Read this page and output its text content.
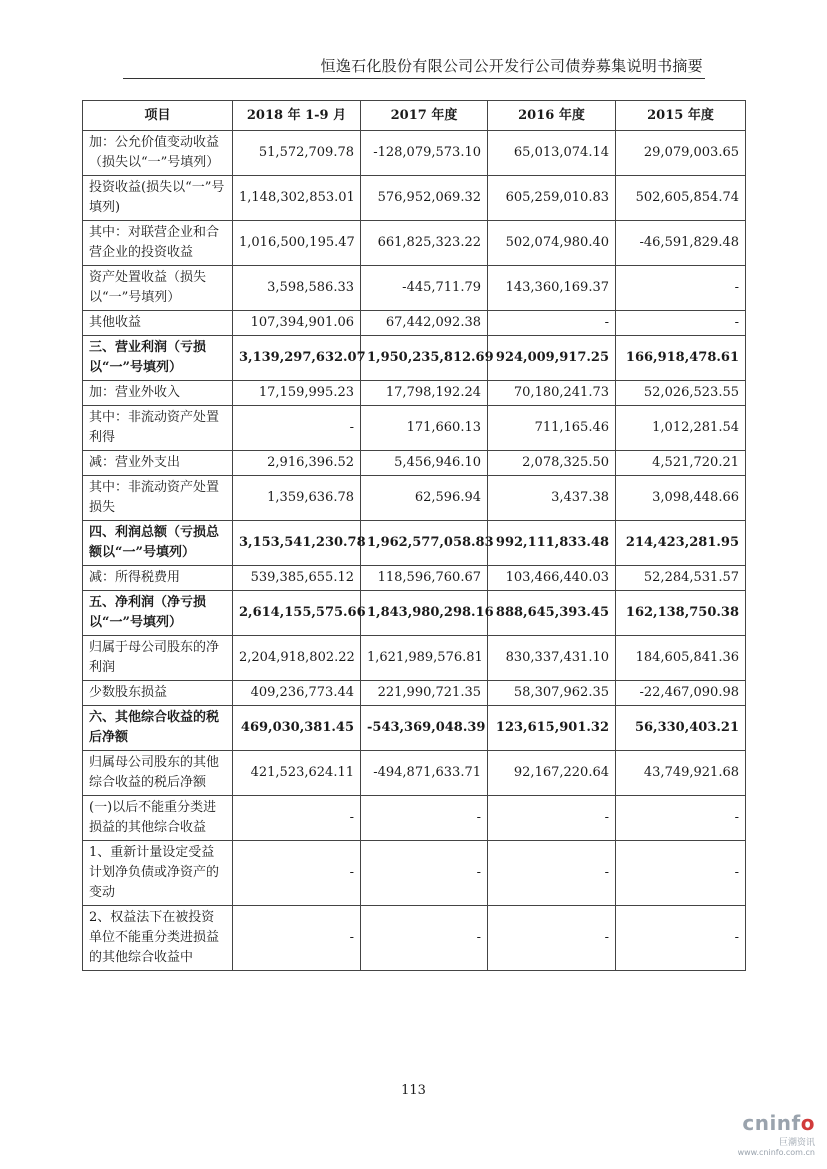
恒逸石化股份有限公司公开发行公司债券募集说明书摘要
项目	2018 年 1-9 月	2017 年度	2016 年度	2015 年度
加：公允价值变动收益（损失以“一”号填列）	51,572,709.78	-128,079,573.10	65,013,074.14	29,079,003.65
投资收益(损失以“一”号填列)	1,148,302,853.01	576,952,069.32	605,259,010.83	502,605,854.74
其中：对联营企业和合营企业的投资收益	1,016,500,195.47	661,825,323.22	502,074,980.40	-46,591,829.48
资产处置收益（损失以“一”号填列）	3,598,586.33	-445,711.79	143,360,169.37	-
其他收益	107,394,901.06	67,442,092.38	-	-
三、营业利润（亏损以“一”号填列）	3,139,297,632.07	1,950,235,812.69	924,009,917.25	166,918,478.61
加：营业外收入	17,159,995.23	17,798,192.24	70,180,241.73	52,026,523.55
其中：非流动资产处置利得	-	171,660.13	711,165.46	1,012,281.54
减：营业外支出	2,916,396.52	5,456,946.10	2,078,325.50	4,521,720.21
其中：非流动资产处置损失	1,359,636.78	62,596.94	3,437.38	3,098,448.66
四、利润总额（亏损总额以“一”号填列）	3,153,541,230.78	1,962,577,058.83	992,111,833.48	214,423,281.95
减：所得税费用	539,385,655.12	118,596,760.67	103,466,440.03	52,284,531.57
五、净利润（净亏损以“一”号填列）	2,614,155,575.66	1,843,980,298.16	888,645,393.45	162,138,750.38
归属于母公司股东的净利润	2,204,918,802.22	1,621,989,576.81	830,337,431.10	184,605,841.36
少数股东损益	409,236,773.44	221,990,721.35	58,307,962.35	-22,467,090.98
六、其他综合收益的税后净额	469,030,381.45	-543,369,048.39	123,615,901.32	56,330,403.21
归属母公司股东的其他综合收益的税后净额	421,523,624.11	-494,871,633.71	92,167,220.64	43,749,921.68
(一)以后不能重分类进损益的其他综合收益	-	-	-	-
1、重新计量设定受益计划净负债或净资产的变动	-	-	-	-
2、权益法下在被投资单位不能重分类进损益的其他综合收益中	-	-	-	-
113
cninfo
巨潮资讯
www.cninfo.com.cn
